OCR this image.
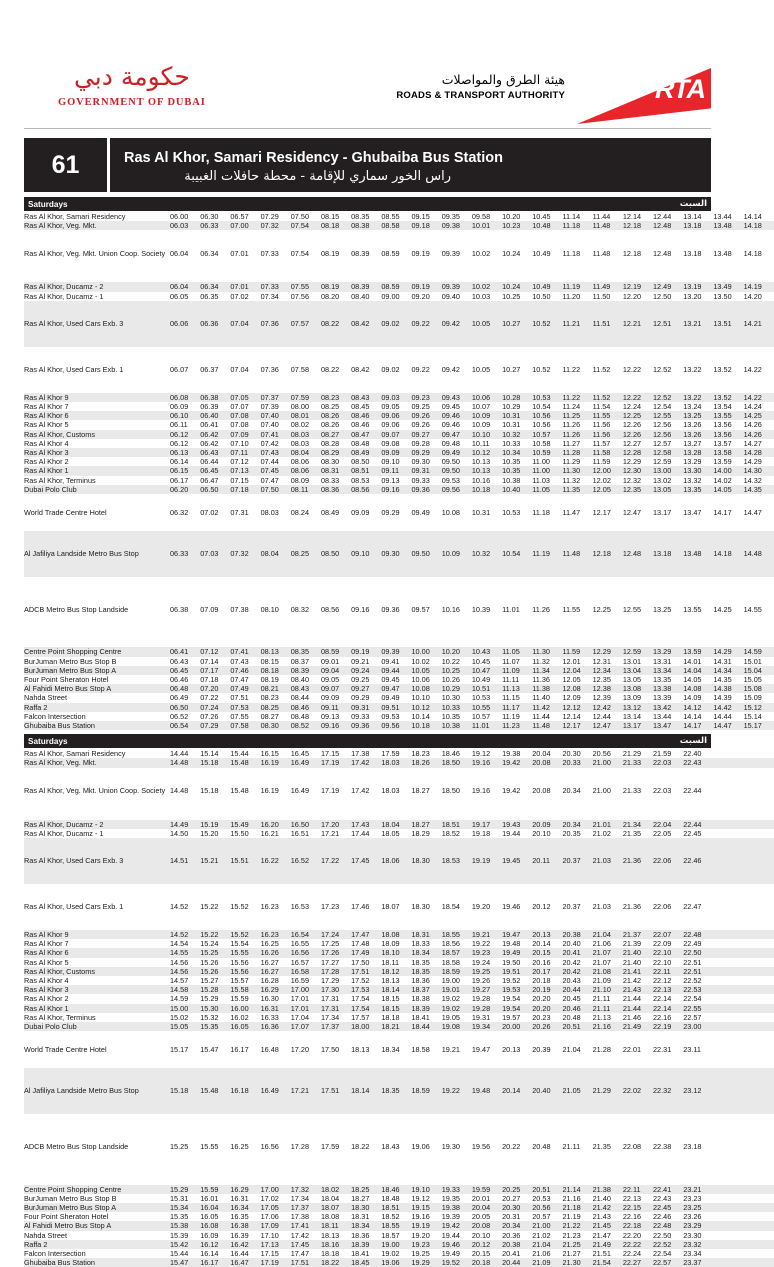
حكومة دبي
GOVERNMENT OF DUBAI
هيئة الطرق والمواصلات
ROADS & TRANSPORT AUTHORITY	RTA
61	Ras Al Khor, Samari Residency - Ghubaiba Bus Station
راس الخور سماري للإقامة - محطة حافلات الغبيبة
Saturdays	السبت
Ras Al Khor, Samari Residency	06.00	06.30	06.57	07.29	07.50	08.15	08.35	08.55	09.15	09.35	09.58	10.20	10.45	11.14	11.44	12.14	12.44	13.14	13.44	14.14	
Ras Al Khor, Veg. Mkt.	06.03	06.33	07.00	07.32	07.54	08.18	08.38	08.58	09.18	09.38	10.01	10.23	10.48	11.18	11.48	12.18	12.48	13.18	13.48	14.18	
Ras Al Khor, Veg. Mkt. Union Coop. Society	06.04	06.34	07.01	07.33	07.54	08.19	08.39	08.59	09.19	09.39	10.02	10.24	10.49	11.18	11.48	12.18	12.48	13.18	13.48	14.18	

Ras Al Khor, Ducamz - 2	06.04	06.34	07.01	07.33	07.55	08.19	08.39	08.59	09.19	09.39	10.02	10.24	10.49	11.19	11.49	12.19	12.49	13.19	13.49	14.19	
Ras Al Khor, Ducamz - 1	06.05	06.35	07.02	07.34	07.56	08.20	08.40	09.00	09.20	09.40	10.03	10.25	10.50	11.20	11.50	12.20	12.50	13.20	13.50	14.20	
Ras Al Khor, Used Cars Exb. 3	06.06	06.36	07.04	07.36	07.57	08.22	08.42	09.02	09.22	09.42	10.05	10.27	10.52	11.21	11.51	12.21	12.51	13.21	13.51	14.21	
Ras Al Khor, Used Cars Exb. 1	06.07	06.37	07.04	07.36	07.58	08.22	08.42	09.02	09.22	09.42	10.05	10.27	10.52	11.22	11.52	12.22	12.52	13.22	13.52	14.22	
Ras Al Khor 9	06.08	06.38	07.05	07.37	07.59	08.23	08.43	09.03	09.23	09.43	10.06	10.28	10.53	11.22	11.52	12.22	12.52	13.22	13.52	14.22	
Ras Al Khor 7	06.09	06.39	07.07	07.39	08.00	08.25	08.45	09.05	09.25	09.45	10.07	10.29	10.54	11.24	11.54	12.24	12.54	13.24	13.54	14.24	
Ras Al Khor 6	06.10	06.40	07.08	07.40	08.01	08.26	08.46	09.06	09.26	09.46	10.09	10.31	10.56	11.25	11.55	12.25	12.55	13.25	13.55	14.25	
Ras Al Khor 5	06.11	06.41	07.08	07.40	08.02	08.26	08.46	09.06	09.26	09.46	10.09	10.31	10.56	11.26	11.56	12.26	12.56	13.26	13.56	14.26	
Ras Al Khor, Customs	06.12	06.42	07.09	07.41	08.03	08.27	08.47	09.07	09.27	09.47	10.10	10.32	10.57	11.26	11.56	12.26	12.56	13.26	13.56	14.26	
Ras Al Khor 4	06.12	06.42	07.10	07.42	08.03	08.28	08.48	09.08	09.28	09.48	10.11	10.33	10.58	11.27	11.57	12.27	12.57	13.27	13.57	14.27	
Ras Al Khor 3	06.13	06.43	07.11	07.43	08.04	08.29	08.49	09.09	09.29	09.49	10.12	10.34	10.59	11.28	11.58	12.28	12.58	13.28	13.58	14.28	
Ras Al Khor 2	06.14	06.44	07.12	07.44	08.06	08.30	08.50	09.10	09.30	09.50	10.13	10.35	11.00	11.29	11.59	12.29	12.59	13.29	13.59	14.29	
Ras Al Khor 1	06.15	06.45	07.13	07.45	08.06	08.31	08.51	09.11	09.31	09.50	10.13	10.35	11.00	11.30	12.00	12.30	13.00	13.30	14.00	14.30	
Ras Al Khor, Terminus	06.17	06.47	07.15	07.47	08.09	08.33	08.53	09.13	09.33	09.53	10.16	10.38	11.03	11.32	12.02	12.32	13.02	13.32	14.02	14.32	
Dubai Polo Club	06.20	06.50	07.18	07.50	08.11	08.36	08.56	09.16	09.36	09.56	10.18	10.40	11.05	11.35	12.05	12.35	13.05	13.35	14.05	14.35	
World Trade Centre Hotel	06.32	07.02	07.31	08.03	08.24	08.49	09.09	09.29	09.49	10.08	10.31	10.53	11.18	11.47	12.17	12.47	13.17	13.47	14.17	14.47	
Al Jafiliya Landside Metro Bus Stop	06.33	07.03	07.32	08.04	08.25	08.50	09.10	09.30	09.50	10.09	10.32	10.54	11.19	11.48	12.18	12.48	13.18	13.48	14.18	14.48	
ADCB Metro Bus Stop Landside	06.38	07.09	07.38	08.10	08.32	08.56	09.16	09.36	09.57	10.16	10.39	11.01	11.26	11.55	12.25	12.55	13.25	13.55	14.25	14.55	

Centre Point Shopping Centre	06.41	07.12	07.41	08.13	08.35	08.59	09.19	09.39	10.00	10.20	10.43	11.05	11.30	11.59	12.29	12.59	13.29	13.59	14.29	14.59	
BurJuman Metro Bus Stop B	06.43	07.14	07.43	08.15	08.37	09.01	09.21	09.41	10.02	10.22	10.45	11.07	11.32	12.01	12.31	13.01	13.31	14.01	14.31	15.01	
BurJuman Metro Bus Stop A	06.45	07.17	07.46	08.18	08.39	09.04	09.24	09.44	10.05	10.25	10.47	11.09	11.34	12.04	12.34	13.04	13.34	14.04	14.34	15.04	
Four Point Sheraton Hotel	06.46	07.18	07.47	08.19	08.40	09.05	09.25	09.45	10.06	10.26	10.49	11.11	11.36	12.05	12.35	13.05	13.35	14.05	14.35	15.05	
Al Fahidi Metro Bus Stop A	06.48	07.20	07.49	08.21	08.43	09.07	09.27	09.47	10.08	10.29	10.51	11.13	11.38	12.08	12.38	13.08	13.38	14.08	14.38	15.08	
Nahda Street	06.49	07.22	07.51	08.23	08.44	09.09	09.29	09.49	10.10	10.30	10.53	11.15	11.40	12.09	12.39	13.09	13.39	14.09	14.39	15.09	
Raffa 2	06.50	07.24	07.53	08.25	08.46	09.11	09.31	09.51	10.12	10.33	10.55	11.17	11.42	12.12	12.42	13.12	13.42	14.12	14.42	15.12	
Falcon Intersection	06.52	07.26	07.55	08.27	08.48	09.13	09.33	09.53	10.14	10.35	10.57	11.19	11.44	12.14	12.44	13.14	13.44	14.14	14.44	15.14	
Ghubaiba Bus Station	06.54	07.29	07.58	08.30	08.52	09.16	09.36	09.56	10.18	10.38	11.01	11.23	11.48	12.17	12.47	13.17	13.47	14.17	14.47	15.17	
Saturdays	السبت
Ras Al Khor, Samari Residency	14.44	15.14	15.44	16.15	16.45	17.15	17.38	17.59	18.23	18.46	19.12	19.38	20.04	20.30	20.56	21.29	21.59	22.40			
Ras Al Khor, Veg. Mkt.	14.48	15.18	15.48	16.19	16.49	17.19	17.42	18.03	18.26	18.50	19.16	19.42	20.08	20.33	21.00	21.33	22.03	22.43			
Ras Al Khor, Veg. Mkt. Union Coop. Society	14.48	15.18	15.48	16.19	16.49	17.19	17.42	18.03	18.27	18.50	19.16	19.42	20.08	20.34	21.00	21.33	22.03	22.44			

Ras Al Khor, Ducamz - 2	14.49	15.19	15.49	16.20	16.50	17.20	17.43	18.04	18.27	18.51	19.17	19.43	20.09	20.34	21.01	21.34	22.04	22.44			
Ras Al Khor, Ducamz - 1	14.50	15.20	15.50	16.21	16.51	17.21	17.44	18.05	18.29	18.52	19.18	19.44	20.10	20.35	21.02	21.35	22.05	22.45			
Ras Al Khor, Used Cars Exb. 3	14.51	15.21	15.51	16.22	16.52	17.22	17.45	18.06	18.30	18.53	19.19	19.45	20.11	20.37	21.03	21.36	22.06	22.46			
Ras Al Khor, Used Cars Exb. 1	14.52	15.22	15.52	16.23	16.53	17.23	17.46	18.07	18.30	18.54	19.20	19.46	20.12	20.37	21.03	21.36	22.06	22.47			
Ras Al Khor 9	14.52	15.22	15.52	16.23	16.54	17.24	17.47	18.08	18.31	18.55	19.21	19.47	20.13	20.38	21.04	21.37	22.07	22.48			
Ras Al Khor 7	14.54	15.24	15.54	16.25	16.55	17.25	17.48	18.09	18.33	18.56	19.22	19.48	20.14	20.40	21.06	21.39	22.09	22.49			
Ras Al Khor 6	14.55	15.25	15.55	16.26	16.56	17.26	17.49	18.10	18.34	18.57	19.23	19.49	20.15	20.41	21.07	21.40	22.10	22.50			
Ras Al Khor 5	14.56	15.26	15.56	16.27	16.57	17.27	17.50	18.11	18.35	18.58	19.24	19.50	20.16	20.42	21.07	21.40	22.10	22.51			
Ras Al Khor, Customs	14.56	15.26	15.56	16.27	16.58	17.28	17.51	18.12	18.35	18.59	19.25	19.51	20.17	20.42	21.08	21.41	22.11	22.51			
Ras Al Khor 4	14.57	15.27	15.57	16.28	16.59	17.29	17.52	18.13	18.36	19.00	19.26	19.52	20.18	20.43	21.09	21.42	22.12	22.52			
Ras Al Khor 3	14.58	15.28	15.58	16.29	17.00	17.30	17.53	18.14	18.37	19.01	19.27	19.53	20.19	20.44	21.10	21.43	22.13	22.53			
Ras Al Khor 2	14.59	15.29	15.59	16.30	17.01	17.31	17.54	18.15	18.38	19.02	19.28	19.54	20.20	20.45	21.11	21.44	22.14	22.54			
Ras Al Khor 1	15.00	15.30	16.00	16.31	17.01	17.31	17.54	18.15	18.39	19.02	19.28	19.54	20.20	20.46	21.11	21.44	22.14	22.55			
Ras Al Khor, Terminus	15.02	15.32	16.02	16.33	17.04	17.34	17.57	18.18	18.41	19.05	19.31	19.57	20.23	20.48	21.13	21.46	22.16	22.57			
Dubai Polo Club	15.05	15.35	16.05	16.36	17.07	17.37	18.00	18.21	18.44	19.08	19.34	20.00	20.26	20.51	21.16	21.49	22.19	23.00			
World Trade Centre Hotel	15.17	15.47	16.17	16.48	17.20	17.50	18.13	18.34	18.58	19.21	19.47	20.13	20.39	21.04	21.28	22.01	22.31	23.11			
Al Jafiliya Landside Metro Bus Stop	15.18	15.48	16.18	16.49	17.21	17.51	18.14	18.35	18.59	19.22	19.48	20.14	20.40	21.05	21.29	22.02	22.32	23.12			
ADCB Metro Bus Stop Landside	15.25	15.55	16.25	16.56	17.28	17.59	18.22	18.43	19.06	19.30	19.56	20.22	20.48	21.11	21.35	22.08	22.38	23.18			

Centre Point Shopping Centre	15.29	15.59	16.29	17.00	17.32	18.02	18.25	18.46	19.10	19.33	19.59	20.25	20.51	21.14	21.38	22.11	22.41	23.21			
BurJuman Metro Bus Stop B	15.31	16.01	16.31	17.02	17.34	18.04	18.27	18.48	19.12	19.35	20.01	20.27	20.53	21.16	21.40	22.13	22.43	23.23			
BurJuman Metro Bus Stop A	15.34	16.04	16.34	17.05	17.37	18.07	18.30	18.51	19.15	19.38	20.04	20.30	20.56	21.18	21.42	22.15	22.45	23.25			
Four Point Sheraton Hotel	15.35	16.05	16.35	17.06	17.38	18.08	18.31	18.52	19.16	19.39	20.05	20.31	20.57	21.19	21.43	22.16	22.46	23.26			
Al Fahidi Metro Bus Stop A	15.38	16.08	16.38	17.09	17.41	18.11	18.34	18.55	19.19	19.42	20.08	20.34	21.00	21.22	21.45	22.18	22.48	23.29			
Nahda Street	15.39	16.09	16.39	17.10	17.42	18.13	18.36	18.57	19.20	19.44	20.10	20.36	21.02	21.23	21.47	22.20	22.50	23.30			
Raffa 2	15.42	16.12	16.42	17.13	17.45	18.16	18.39	19.00	19.23	19.46	20.12	20.38	21.04	21.25	21.49	22.22	22.52	23.32			
Falcon Intersection	15.44	16.14	16.44	17.15	17.47	18.18	18.41	19.02	19.25	19.49	20.15	20.41	21.06	21.27	21.51	22.24	22.54	23.34			
Ghubaiba Bus Station	15.47	16.17	16.47	17.19	17.51	18.22	18.45	19.06	19.29	19.52	20.18	20.44	21.09	21.30	21.54	22.27	22.57	23.37			
